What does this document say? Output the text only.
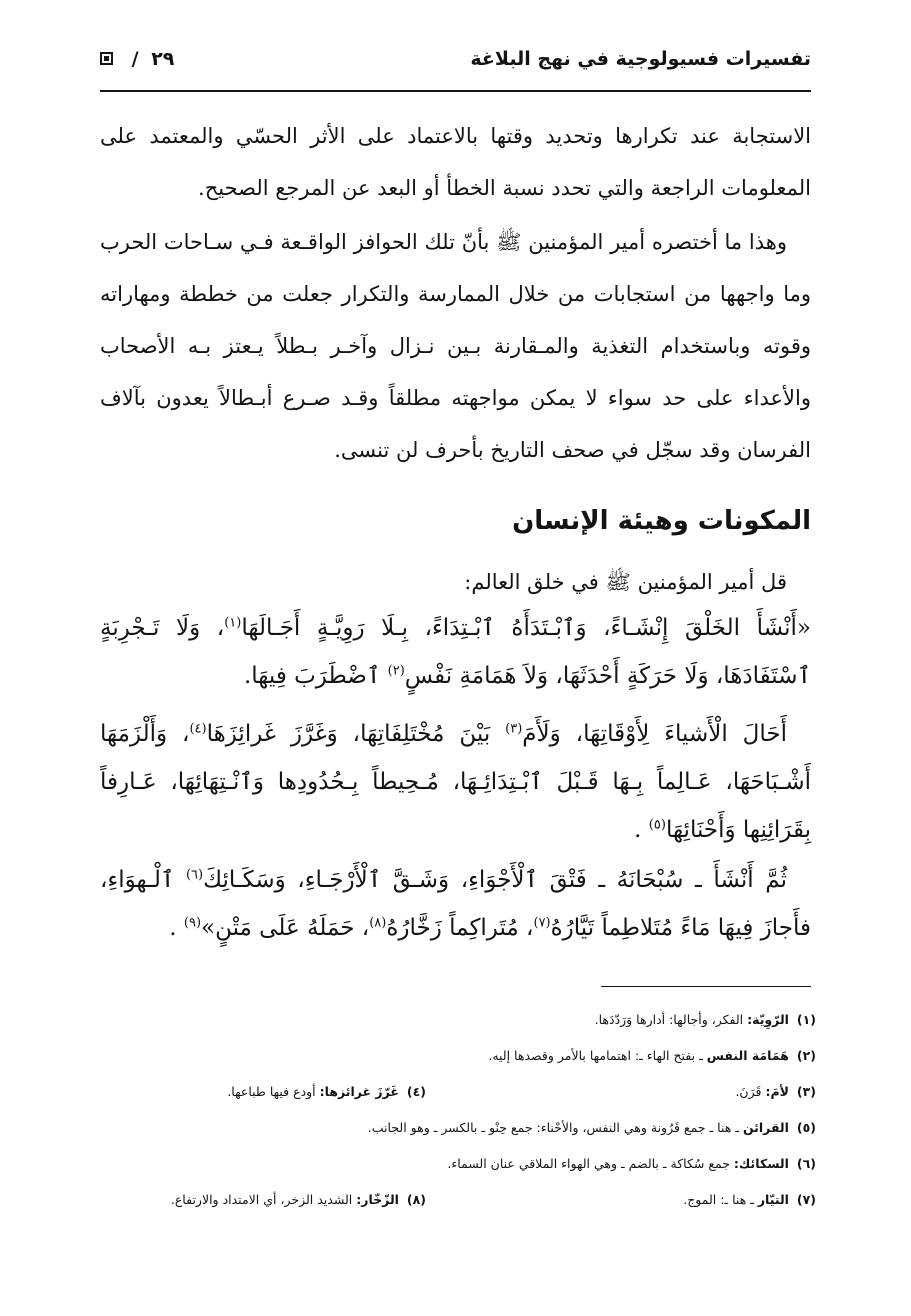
تفسيرات فسيولوجية في نهج البلاغة
/ ٢٩

الاستجابة عند تكرارها وتحديد وقتها بالاعتماد على الأثر الحسّي والمعتمد على المعلومات الراجعة والتي تحدد نسبة الخطأ أو البعد عن المرجع الصحيح.

وهذا ما أختصره أمير المؤمنين ﷺ بأنّ تلك الحوافز الواقـعة فـي سـاحات الحرب وما واجهها من استجابات من خلال الممارسة والتكرار جعلت من خططة ومهاراته وقوته وباستخدام التغذية والمـقارنة بـين نـزال وآخـر بـطلاً يـعتز بـه الأصحاب والأعداء على حد سواء لا يمكن مواجهته مطلقاً وقـد صـرع أبـطالاً يعدون بآلاف الفرسان وقد سجّل في صحف التاريخ بأحرف لن تنسى.

المكونات وهيئة الإنسان

قل أمير المؤمنين ﷺ في خلق العالم:

«أَنْشَأَ الخَلْقَ إِنْشَـاءً، وَٱبْـتَدَأَهُ ٱبْـتِدَاءً، بِـلَا رَوِيَّـةٍ أَجَـالَهَا$^{(١)}$، وَلَا تَـجْرِبَةٍ ٱسْتَفَادَهَا، وَلَا حَرَكَةٍ أَحْدَثَهَا، وَلاَ هَمَامَةِ نَفْسٍ$^{(٢)}$ ٱضْطَرَبَ فِيهَا.

أَحَالَ الْأَشياءَ لِأَوْقَاتِهَا، وَلَأَمَ$^{(٣)}$ بَيْنَ مُخْتَلِفَاتِهَا، وَغَرَّزَ غَرائِزَهَا$^{(٤)}$، وَأَلْزَمَهَا أَشْـبَاحَهَا، عَـالِماً بِـهَا قَـبْلَ ٱبْـتِدَائِـهَا، مُـحِيطاً بِـحُدُودِها وَٱنْـتِهَائِهَا، عَـارِفاً بِقَرَائِنِها وَأَحْنَائِهَا$^{(٥)}$ .

ثُمَّ أَنْشَأَ ـ سُبْحَانَهُ ـ فَتْقَ ٱلْأَجْوَاءِ، وَشَـقَّ ٱلْأَرْجَـاءِ، وَسَكَـائِكَ$^{(٦)}$ ٱلْـهوَاءِ، فأَجازَ فِيهَا مَاءً مُتَلاطِماً تَيَّارُهُ$^{(٧)}$، مُتَراكِماً زَخَّارُهُ$^{(٨)}$، حَمَلَهُ عَلَى مَتْنٍ»$^{(٩)}$ .

(١)الرّوِيّة: الفكر، وأجالها: أدارها وَرَدّدَها.
(٢)هَمَامَة النفس ـ بفتح الهاء ـ: اهتمامها بالأمر وقصدها إليه.
(٣)لأمَ: قَرَنَ.
(٤)غَرّزَ غرائزها: أودع فيها طباعها.
(٥)القرائن ـ هنا ـ جمع قَرُونة وهي النفس، والأحْناء: جمع حِنْو ـ بالكسر ـ وهو الجانب.
(٦)السكائك: جمع سُكاكة ـ بالضم ـ وهي الهواء الملاقي عنان السماء.
(٧)التيّار ـ هنا ـ: الموج.
(٨)الزّخّار: الشديد الزخر، أي الامتداد والارتفاع.
